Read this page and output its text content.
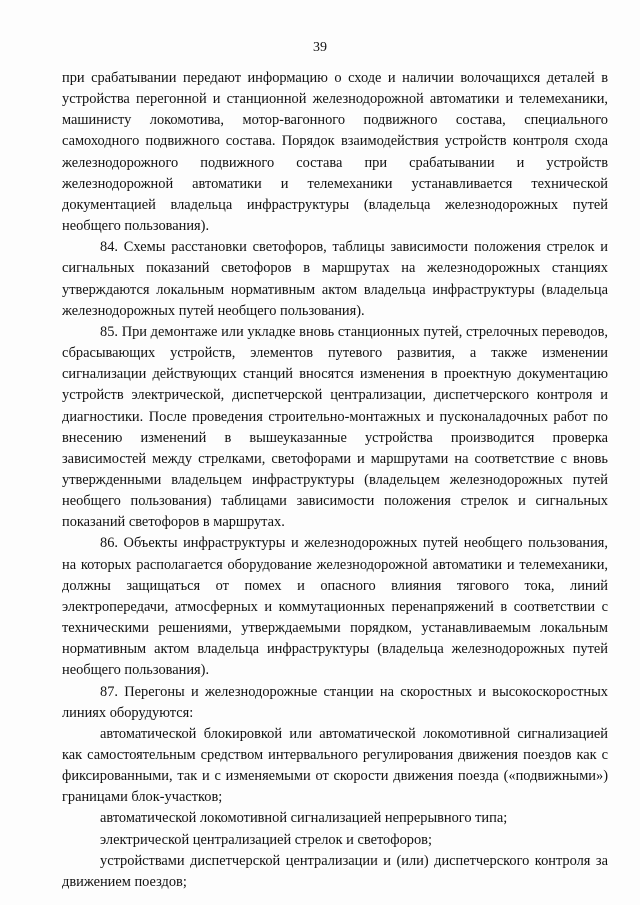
39

при срабатывании передают информацию о сходе и наличии волочащихся деталей в устройства перегонной и станционной железнодорожной автоматики и телемеханики, машинисту локомотива, мотор-вагонного подвижного состава, специального самоходного подвижного состава. Порядок взаимодействия устройств контроля схода железнодорожного подвижного состава при срабатывании и устройств железнодорожной автоматики и телемеханики устанавливается технической документацией владельца инфраструктуры (владельца железнодорожных путей необщего пользования).

84. Схемы расстановки светофоров, таблицы зависимости положения стрелок и сигнальных показаний светофоров в маршрутах на железнодорожных станциях утверждаются локальным нормативным актом владельца инфраструктуры (владельца железнодорожных путей необщего пользования).

85. При демонтаже или укладке вновь станционных путей, стрелочных переводов, сбрасывающих устройств, элементов путевого развития, а также изменении сигнализации действующих станций вносятся изменения в проектную документацию устройств электрической, диспетчерской централизации, диспетчерского контроля и диагностики. После проведения строительно-монтажных и пусконаладочных работ по внесению изменений в вышеуказанные устройства производится проверка зависимостей между стрелками, светофорами и маршрутами на соответствие с вновь утвержденными владельцем инфраструктуры (владельцем железнодорожных путей необщего пользования) таблицами зависимости положения стрелок и сигнальных показаний светофоров в маршрутах.

86. Объекты инфраструктуры и железнодорожных путей необщего пользования, на которых располагается оборудование железнодорожной автоматики и телемеханики, должны защищаться от помех и опасного влияния тягового тока, линий электропередачи, атмосферных и коммутационных перенапряжений в соответствии с техническими решениями, утверждаемыми порядком, устанавливаемым локальным нормативным актом владельца инфраструктуры (владельца железнодорожных путей необщего пользования).

87. Перегоны и железнодорожные станции на скоростных и высокоскоростных линиях оборудуются:

автоматической блокировкой или автоматической локомотивной сигнализацией как самостоятельным средством интервального регулирования движения поездов как с фиксированными, так и с изменяемыми от скорости движения поезда («подвижными») границами блок-участков;

автоматической локомотивной сигнализацией непрерывного типа;

электрической централизацией стрелок и светофоров;

устройствами диспетчерской централизации и (или) диспетчерского контроля за движением поездов;
